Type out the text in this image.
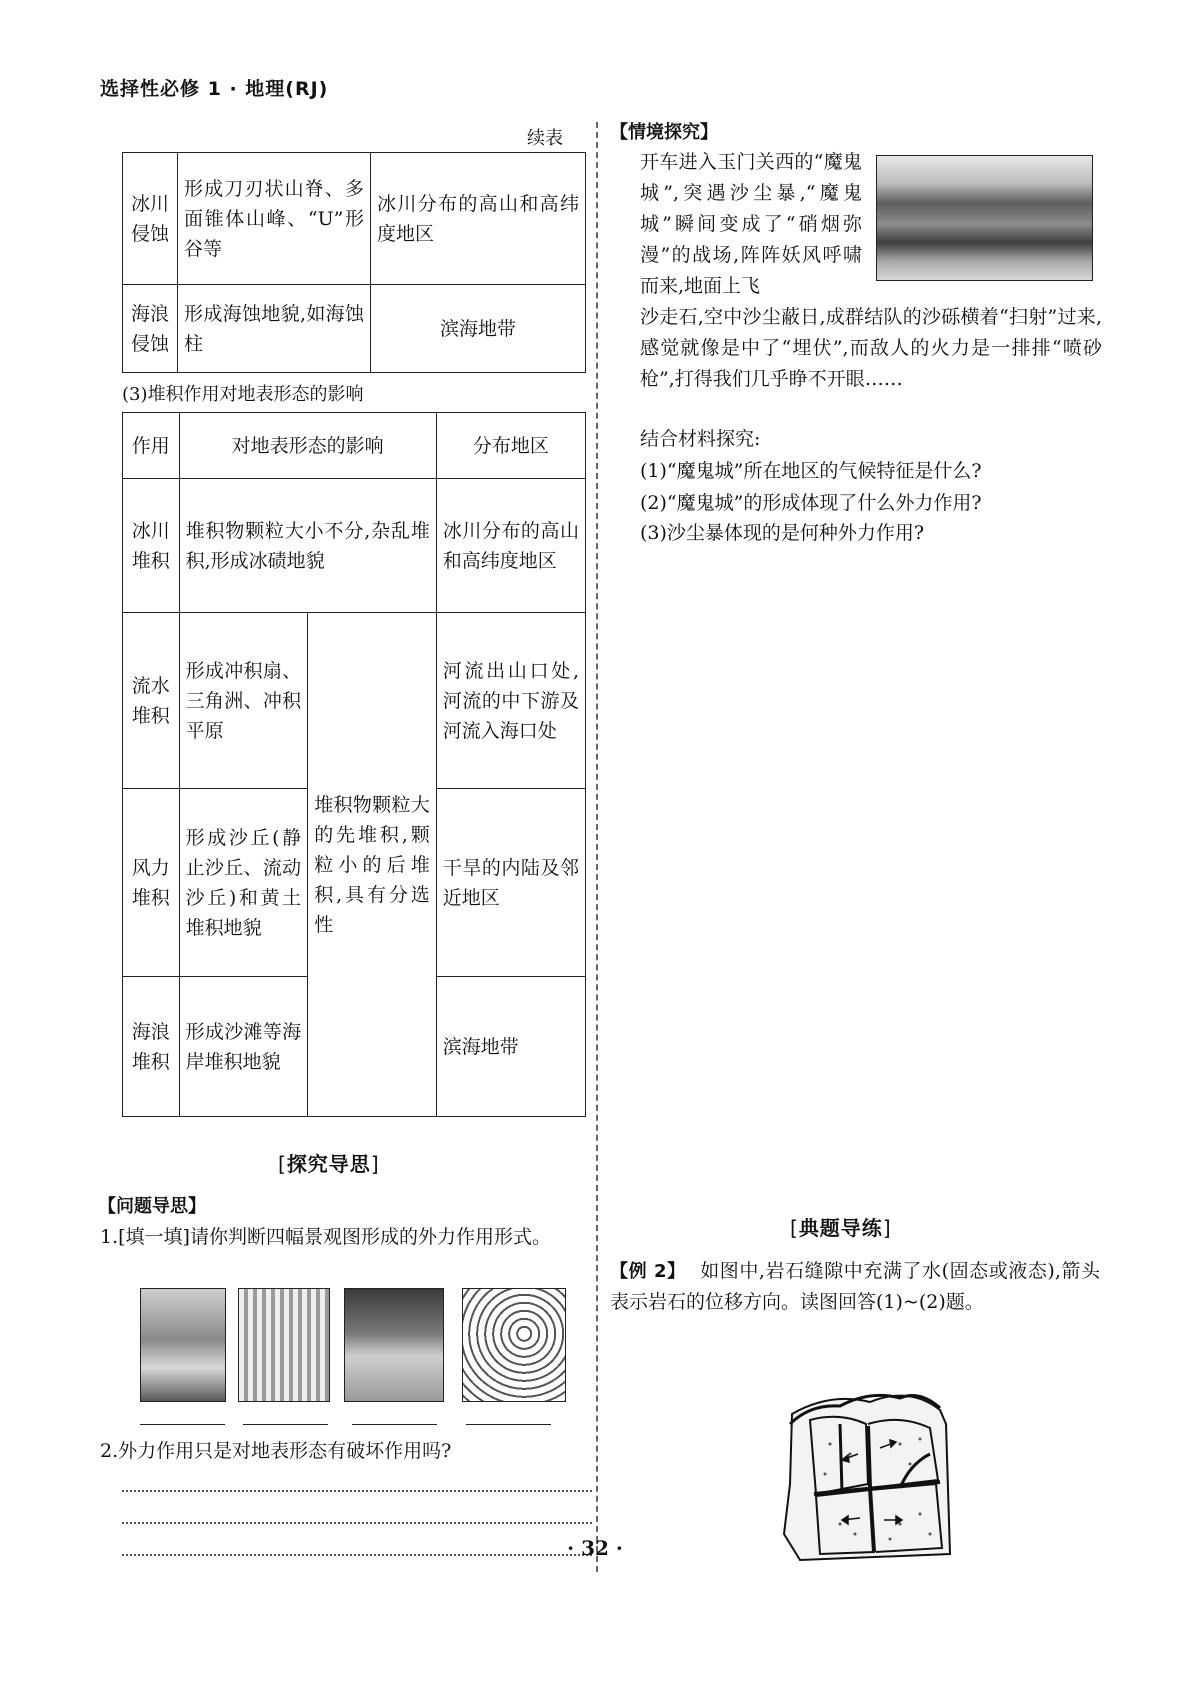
选择性必修 1 · 地理(RJ)
续表
冰川侵蚀	形成刀刃状山脊、多面锥体山峰、“U”形谷等	冰川分布的高山和高纬度地区
海浪侵蚀	形成海蚀地貌,如海蚀柱	滨海地带
(3)堆积作用对地表形态的影响
作用	对地表形态的影响		分布地区
冰川堆积	堆积物颗粒大小不分,杂乱堆积,形成冰碛地貌		冰川分布的高山和高纬度地区
流水堆积	形成冲积扇、三角洲、冲积平原	堆积物颗粒大的先堆积,颗粒小的后堆积,具有分选性	河流出山口处,河流的中下游及河流入海口处
风力堆积	形成沙丘(静止沙丘、流动沙丘)和黄土堆积地貌		干旱的内陆及邻近地区
海浪堆积	形成沙滩等海岸堆积地貌		滨海地带
[探究导思]
【问题导思】
1.[填一填]请你判断四幅景观图形成的外力作用形式。
2.外力作用只是对地表形态有破坏作用吗?
【情境探究】
开车进入玉门关西的“魔鬼城”,突遇沙尘暴,“魔鬼城”瞬间变成了“硝烟弥漫”的战场,阵阵妖风呼啸而来,地面上飞
沙走石,空中沙尘蔽日,成群结队的沙砾横着“扫射”过来,感觉就像是中了“埋伏”,而敌人的火力是一排排“喷砂枪”,打得我们几乎睁不开眼……
结合材料探究:
(1)“魔鬼城”所在地区的气候特征是什么?
(2)“魔鬼城”的形成体现了什么外力作用?
(3)沙尘暴体现的是何种外力作用?
[典题导练]
【例 2】 如图中,岩石缝隙中充满了水(固态或液态),箭头表示岩石的位移方向。读图回答(1)~(2)题。
· 32 ·
